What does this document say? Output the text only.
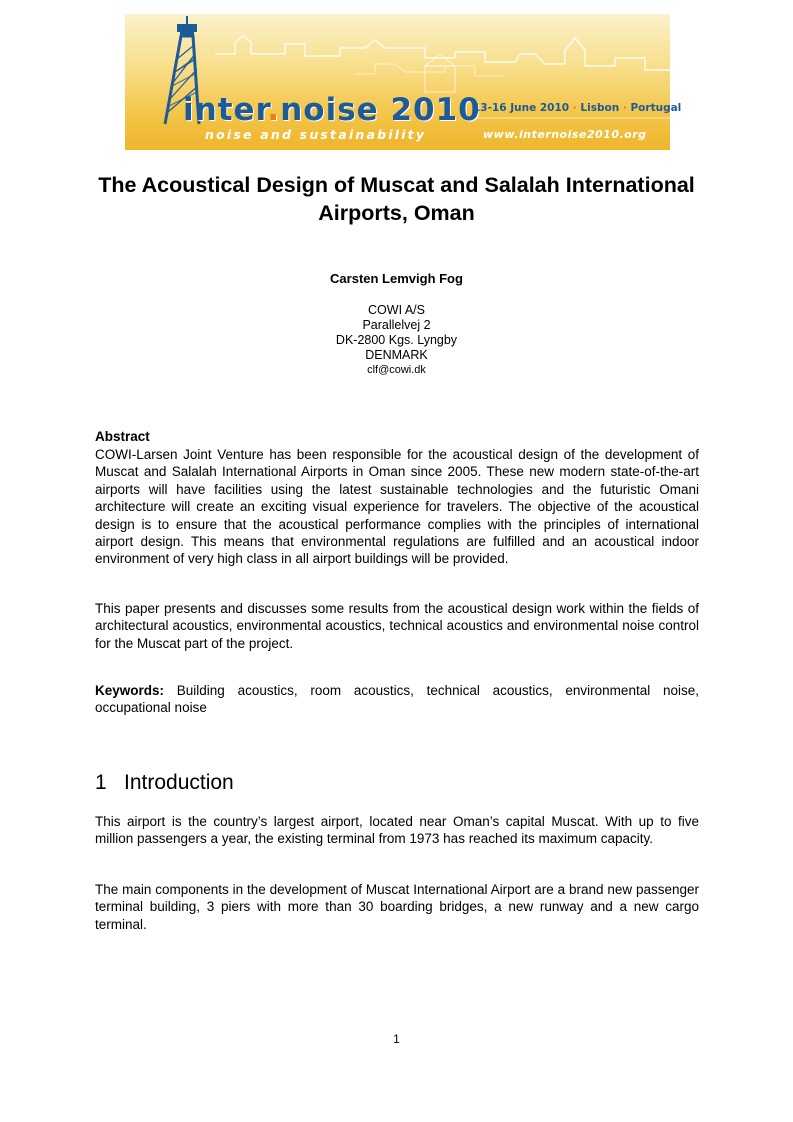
inter.noise 2010
noise and sustainability
13-16 June 2010 · Lisbon · Portugal
www.internoise2010.org
The Acoustical Design of Muscat and Salalah International Airports, Oman

Carsten Lemvigh Fog

COWI A/S
Parallelvej 2
DK-2800 Kgs. Lyngby
DENMARK
clf@cowi.dk
Abstract

COWI-Larsen Joint Venture has been responsible for the acoustical design of the development of Muscat and Salalah International Airports in Oman since 2005. These new modern state-of-the-art airports will have facilities using the latest sustainable technologies and the futuristic Omani architecture will create an exciting visual experience for travelers. The objective of the acoustical design is to ensure that the acoustical performance complies with the principles of international airport design. This means that environmental regulations are fulfilled and an acoustical indoor environment of very high class in all airport buildings will be provided.

This paper presents and discusses some results from the acoustical design work within the fields of architectural acoustics, environmental acoustics, technical acoustics and environmental noise control for the Muscat part of the project.

Keywords: Building acoustics, room acoustics, technical acoustics, environmental noise, occupational noise

1 Introduction

This airport is the country’s largest airport, located near Oman’s capital Muscat. With up to five million passengers a year, the existing terminal from 1973 has reached its maximum capacity.

The main components in the development of Muscat International Airport are a brand new passenger terminal building, 3 piers with more than 30 boarding bridges, a new runway and a new cargo terminal.

1
